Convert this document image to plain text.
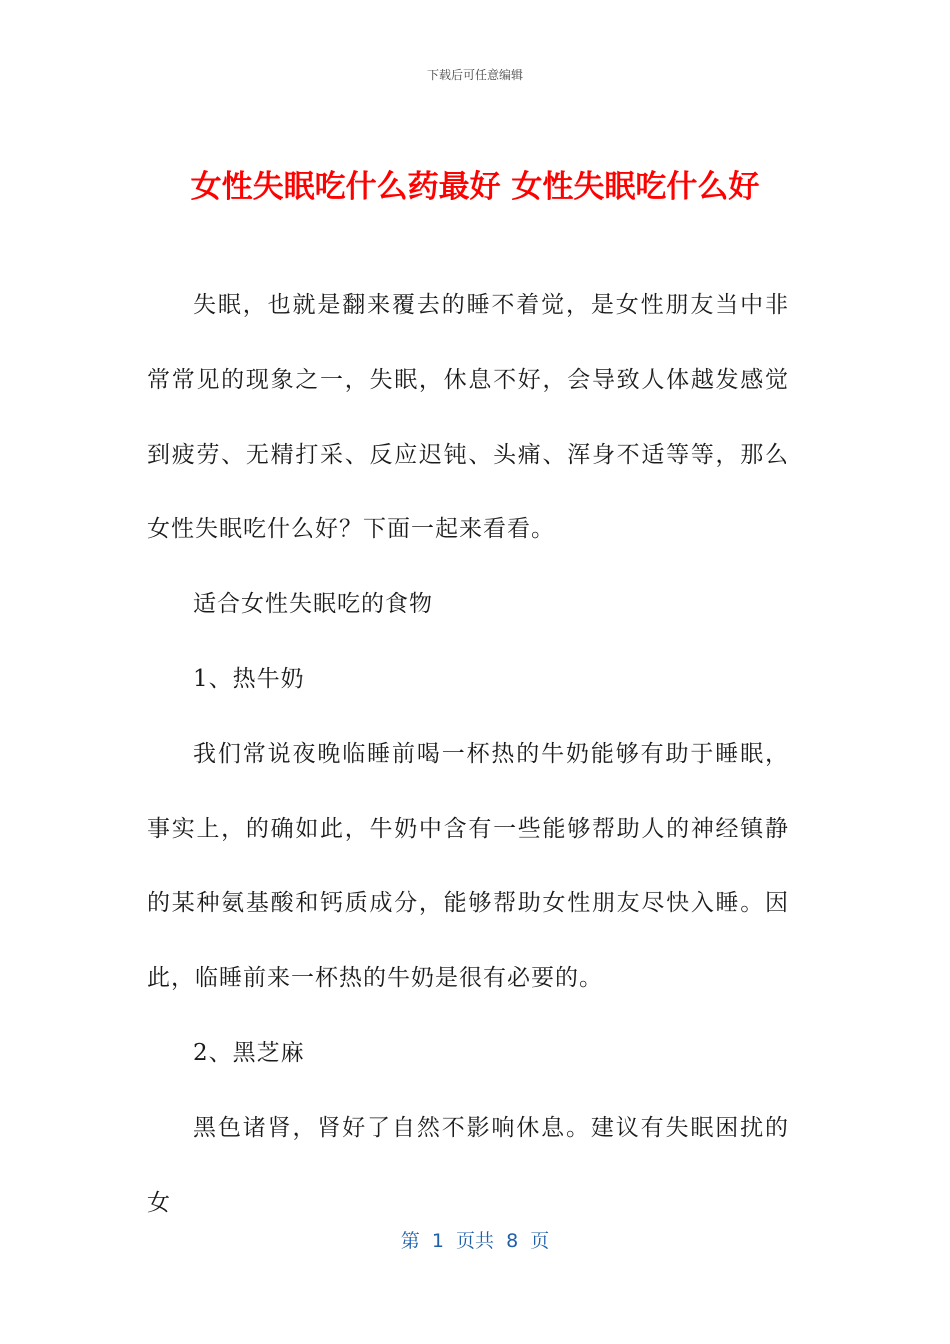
下载后可任意编辑
女性失眠吃什么药最好 女性失眠吃什么好

失眠，也就是翻来覆去的睡不着觉，是女性朋友当中非常常见的现象之一，失眠，休息不好，会导致人体越发感觉到疲劳、无精打采、反应迟钝、头痛、浑身不适等等，那么女性失眠吃什么好？下面一起来看看。

适合女性失眠吃的食物

1、热牛奶

我们常说夜晚临睡前喝一杯热的牛奶能够有助于睡眠，事实上，的确如此，牛奶中含有一些能够帮助人的神经镇静的某种氨基酸和钙质成分，能够帮助女性朋友尽快入睡。因此，临睡前来一杯热的牛奶是很有必要的。

2、黑芝麻

黑色诸肾，肾好了自然不影响休息。建议有失眠困扰的女

第  1  页共  8  页
